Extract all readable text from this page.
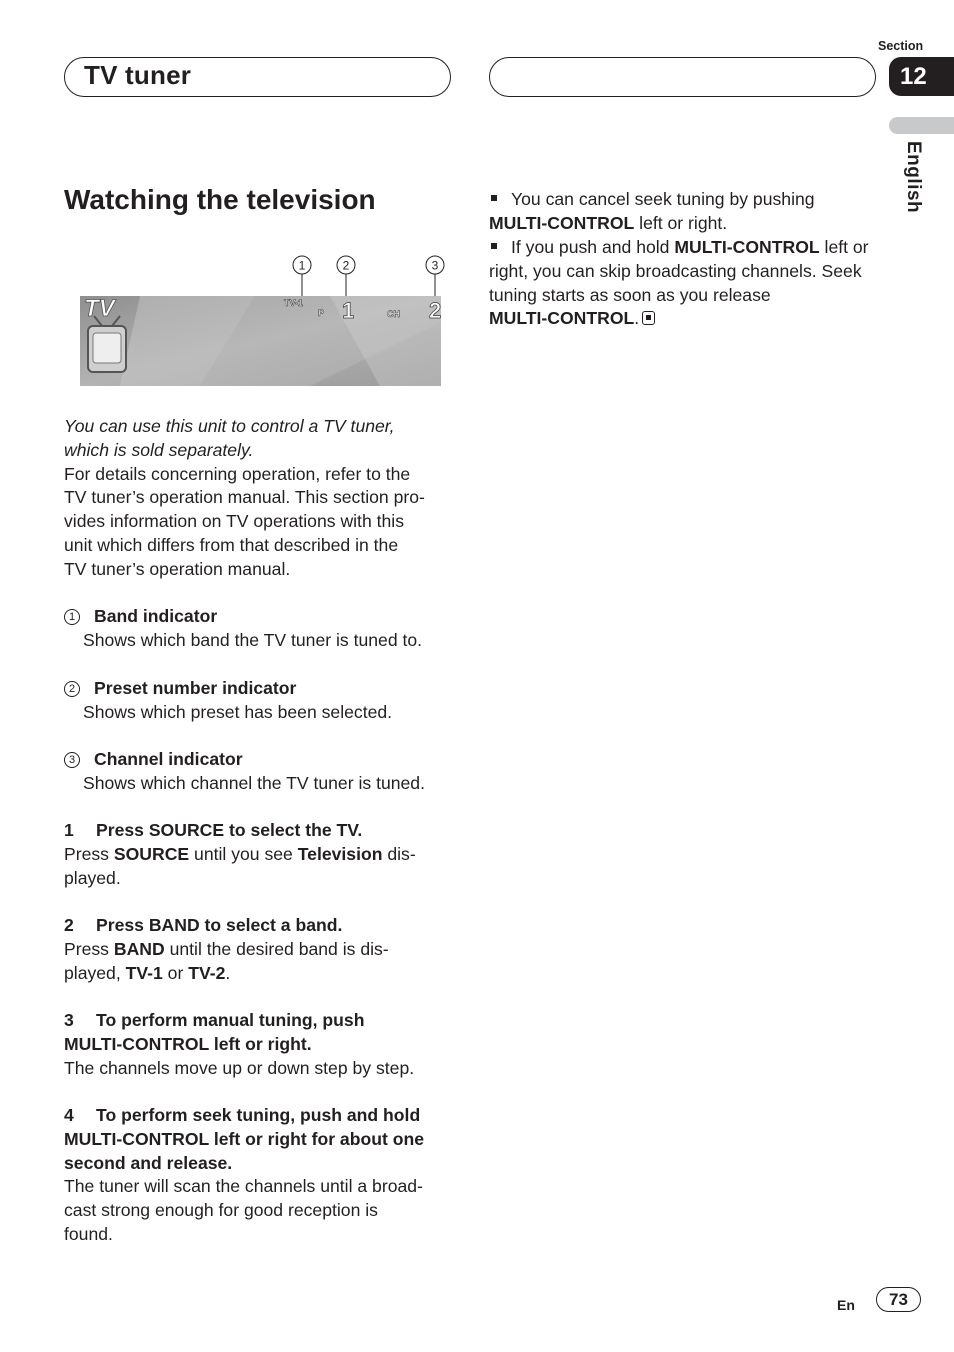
TV tuner
Section
12
English
Watching the television
1	2	3
TV	TV-1
P 1	CH 2
You can use this unit to control a TV tuner,
which is sold separately.
For details concerning operation, refer to the
TV tuner’s operation manual. This section pro-
vides information on TV operations with this
unit which differs from that described in the
TV tuner’s operation manual.
1 Band indicator
Shows which band the TV tuner is tuned to.
2 Preset number indicator
Shows which preset has been selected.
3 Channel indicator
Shows which channel the TV tuner is tuned.
1 Press SOURCE to select the TV.
Press SOURCE until you see Television dis-
played.
2 Press BAND to select a band.
Press BAND until the desired band is dis-
played, TV-1 or TV-2.
3 To perform manual tuning, push
MULTI-CONTROL left or right.
The channels move up or down step by step.
4 To perform seek tuning, push and hold
MULTI-CONTROL left or right for about one
second and release.
The tuner will scan the channels until a broad-
cast strong enough for good reception is
found.
You can cancel seek tuning by pushing
MULTI-CONTROL left or right.
If you push and hold MULTI-CONTROL left or
right, you can skip broadcasting channels. Seek
tuning starts as soon as you release
MULTI-CONTROL.
En	73
